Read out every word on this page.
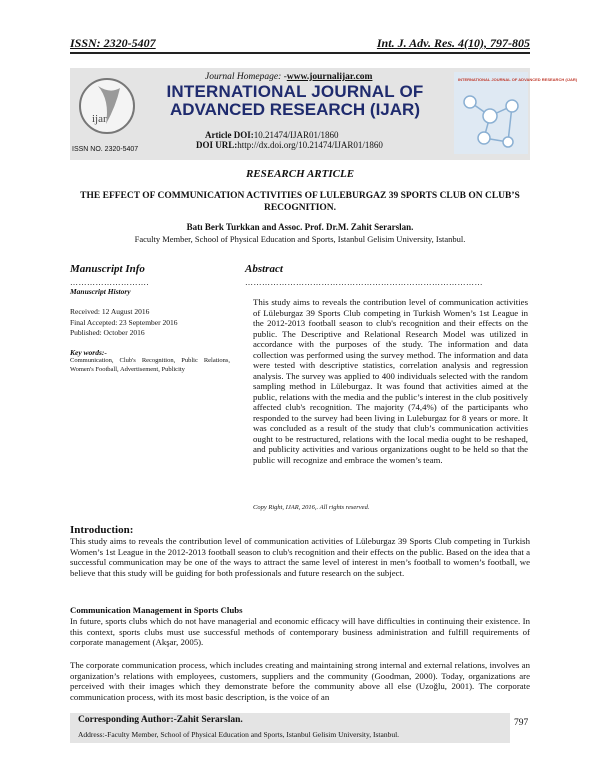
ISSN: 2320-5407	Int. J. Adv. Res. 4(10), 797-805
ijar
ISSN NO. 2320-5407
Journal Homepage: -www.journalijar.com
INTERNATIONAL JOURNAL OF
ADVANCED RESEARCH (IJAR)
Article DOI:10.21474/IJAR01/1860
DOI URL:http://dx.doi.org/10.21474/IJAR01/1860
INTERNATIONAL JOURNAL OF ADVANCED RESEARCH (IJAR)
RESEARCH ARTICLE
THE EFFECT OF COMMUNICATION ACTIVITIES OF LULEBURGAZ 39 SPORTS CLUB ON CLUB’S
RECOGNITION.
Batı Berk Turkkan and Assoc. Prof. Dr.M. Zahit Serarslan.
Faculty Member, School of Physical Education and Sports, Istanbul Gelisim University, Istanbul.
Manuscript Info
……………………….
Manuscript History
Received: 12 August 2016
Final Accepted: 23 September 2016
Published: October 2016
Key words:-
Communication, Club's Recognition, Public Relations, Women's Football, Advertisement, Publicity
Abstract
…………………………………………………………………………
This study aims to reveals the contribution level of communication activities of Lüleburgaz 39 Sports Club competing in Turkish Women’s 1st League in the 2012-2013 football season to club's recognition and their effects on the public. The Descriptive and Relational Research Model was utilized in accordance with the purposes of the study. The information and data collection was performed using the survey method. The information and data were tested with descriptive statistics, correlation analysis and regression analysis. The survey was applied to 400 individuals selected with the random sampling method in Lüleburgaz. It was found that activities aimed at the public, relations with the media and the public’s interest in the club positively affected club's recognition. The majority (74,4%) of the participants who responded to the survey had been living in Luleburgaz for 8 years or more. It was concluded as a result of the study that club’s communication activities ought to be restructured, relations with the local media ought to be reshaped, and publicity activities and various organizations ought to be held so that the public will recognize and embrace the women’s team.
Copy Right, IJAR, 2016,. All rights reserved.
Introduction:
This study aims to reveals the contribution level of communication activities of Lüleburgaz 39 Sports Club competing in Turkish Women’s 1st League in the 2012-2013 football season to club's recognition and their effects on the public. Based on the idea that a successful communication may be one of the ways to attract the same level of interest in men’s football to women’s football, we believe that this study will be guiding for both professionals and future research on the subject.
Communication Management in Sports Clubs
In future, sports clubs which do not have managerial and economic efficacy will have difficulties in continuing their existence. In this context, sports clubs must use successful methods of contemporary business administration and fulfill requirements of corporate management (Akşar, 2005).
The corporate communication process, which includes creating and maintaining strong internal and external relations, involves an organization’s relations with employees, customers, suppliers and the community (Goodman, 2000). Today, organizations are perceived with their images which they demonstrate before the community above all else (Uzoğlu, 2001). The corporate communication process, with its most basic description, is the voice of an
Corresponding Author:-Zahit Serarslan.
Address:-Faculty Member, School of Physical Education and Sports, Istanbul Gelisim University, Istanbul.
797
